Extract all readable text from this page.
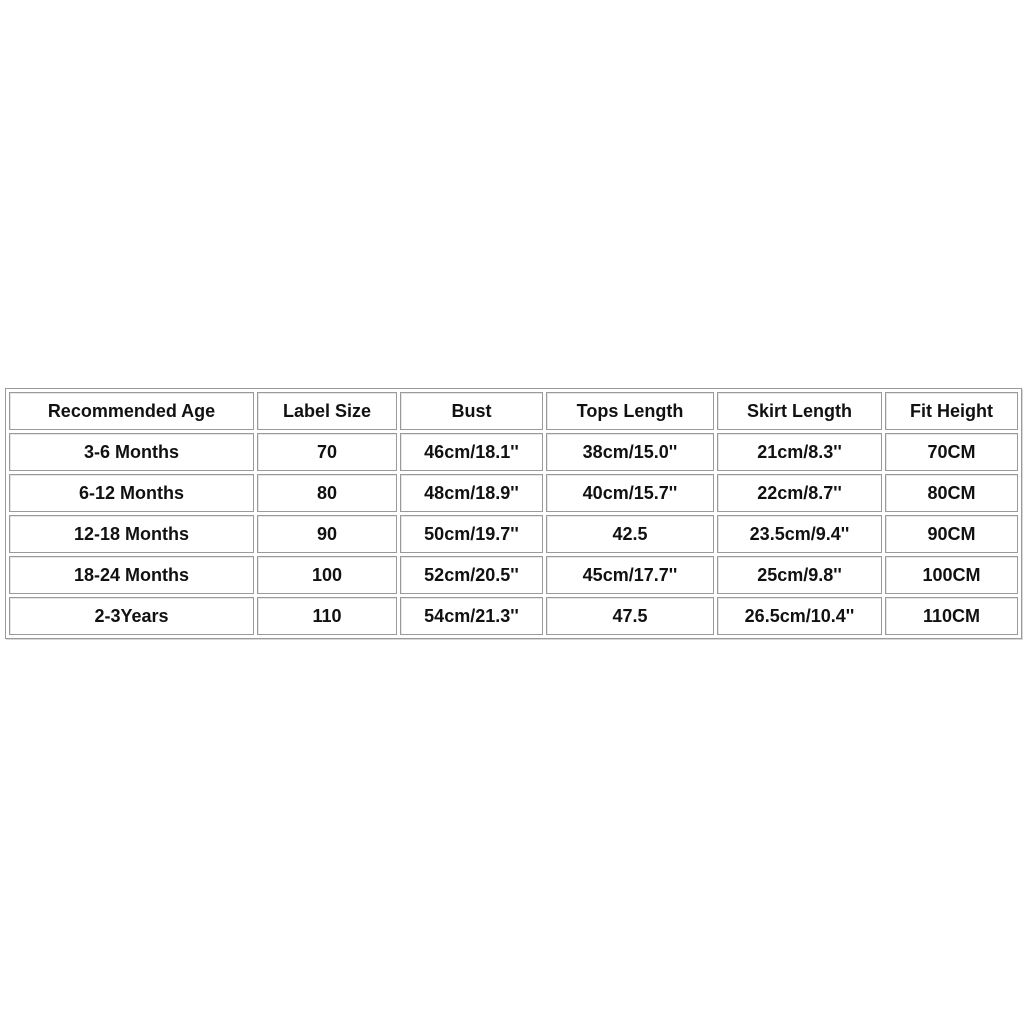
Recommended Age	Label Size	Bust	Tops Length	Skirt Length	Fit Height
3-6 Months	70	46cm/18.1''	38cm/15.0''	21cm/8.3''	70CM
6-12 Months	80	48cm/18.9''	40cm/15.7''	22cm/8.7''	80CM
12-18 Months	90	50cm/19.7''	42.5	23.5cm/9.4''	90CM
18-24 Months	100	52cm/20.5''	45cm/17.7''	25cm/9.8''	100CM
2-3Years	110	54cm/21.3''	47.5	26.5cm/10.4''	110CM
